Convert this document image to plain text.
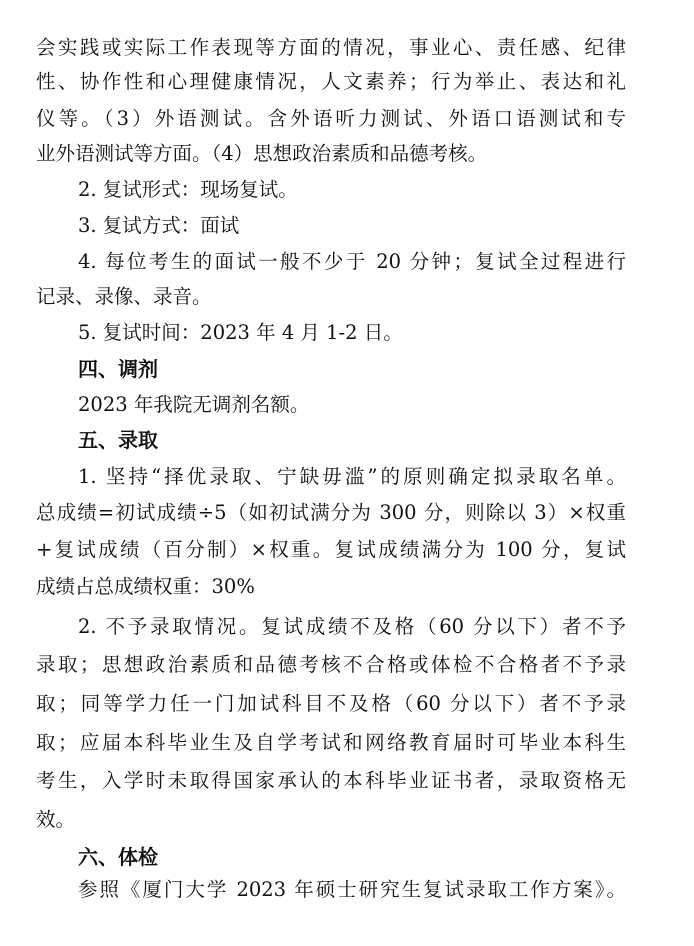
会实践或实际工作表现等方面的情况，事业心、责任感、纪律
性、协作性和心理健康情况，人文素养；行为举止、表达和礼
仪等。（3）外语测试。含外语听力测试、外语口语测试和专
业外语测试等方面。（4）思想政治素质和品德考核。
2. 复试形式：现场复试。
3. 复试方式：面试
4. 每位考生的面试一般不少于 20 分钟；复试全过程进行
记录、录像、录音。
5. 复试时间：2023 年 4 月 1-2 日。
四、调剂
2023 年我院无调剂名额。
五、录取
1. 坚持“择优录取、宁缺毋滥”的原则确定拟录取名单。
总成绩=初试成绩÷5（如初试满分为 300 分，则除以 3）×权重
+复试成绩（百分制）×权重。复试成绩满分为 100 分，复试
成绩占总成绩权重：30%
2. 不予录取情况。复试成绩不及格（60 分以下）者不予
录取；思想政治素质和品德考核不合格或体检不合格者不予录
取；同等学力任一门加试科目不及格（60 分以下）者不予录
取；应届本科毕业生及自学考试和网络教育届时可毕业本科生
考生，入学时未取得国家承认的本科毕业证书者，录取资格无
效。
六、体检
参照《厦门大学 2023 年硕士研究生复试录取工作方案》。
